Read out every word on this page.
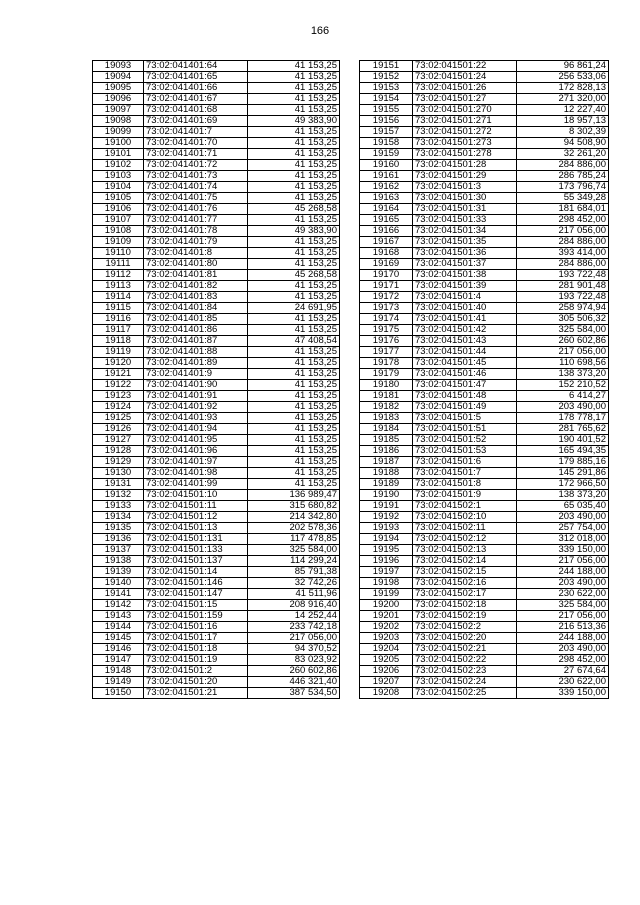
166
19093	73:02:041401:64	41 153,25
19094	73:02:041401:65	41 153,25
19095	73:02:041401:66	41 153,25
19096	73:02:041401:67	41 153,25
19097	73:02:041401:68	41 153,25
19098	73:02:041401:69	49 383,90
19099	73:02:041401:7	41 153,25
19100	73:02:041401:70	41 153,25
19101	73:02:041401:71	41 153,25
19102	73:02:041401:72	41 153,25
19103	73:02:041401:73	41 153,25
19104	73:02:041401:74	41 153,25
19105	73:02:041401:75	41 153,25
19106	73:02:041401:76	45 268,58
19107	73:02:041401:77	41 153,25
19108	73:02:041401:78	49 383,90
19109	73:02:041401:79	41 153,25
19110	73:02:041401:8	41 153,25
19111	73:02:041401:80	41 153,25
19112	73:02:041401:81	45 268,58
19113	73:02:041401:82	41 153,25
19114	73:02:041401:83	41 153,25
19115	73:02:041401:84	24 691,95
19116	73:02:041401:85	41 153,25
19117	73:02:041401:86	41 153,25
19118	73:02:041401:87	47 408,54
19119	73:02:041401:88	41 153,25
19120	73:02:041401:89	41 153,25
19121	73:02:041401:9	41 153,25
19122	73:02:041401:90	41 153,25
19123	73:02:041401:91	41 153,25
19124	73:02:041401:92	41 153,25
19125	73:02:041401:93	41 153,25
19126	73:02:041401:94	41 153,25
19127	73:02:041401:95	41 153,25
19128	73:02:041401:96	41 153,25
19129	73:02:041401:97	41 153,25
19130	73:02:041401:98	41 153,25
19131	73:02:041401:99	41 153,25
19132	73:02:041501:10	136 989,47
19133	73:02:041501:11	315 680,82
19134	73:02:041501:12	214 342,80
19135	73:02:041501:13	202 578,36
19136	73:02:041501:131	117 478,85
19137	73:02:041501:133	325 584,00
19138	73:02:041501:137	114 299,24
19139	73:02:041501:14	85 791,38
19140	73:02:041501:146	32 742,26
19141	73:02:041501:147	41 511,96
19142	73:02:041501:15	208 916,40
19143	73:02:041501:159	14 252,44
19144	73:02:041501:16	233 742,18
19145	73:02:041501:17	217 056,00
19146	73:02:041501:18	94 370,52
19147	73:02:041501:19	83 023,92
19148	73:02:041501:2	260 602,86
19149	73:02:041501:20	446 321,40
19150	73:02:041501:21	387 534,50
19151	73:02:041501:22	96 861,24
19152	73:02:041501:24	256 533,06
19153	73:02:041501:26	172 828,13
19154	73:02:041501:27	271 320,00
19155	73:02:041501:270	12 227,40
19156	73:02:041501:271	18 957,13
19157	73:02:041501:272	8 302,39
19158	73:02:041501:273	94 508,90
19159	73:02:041501:278	32 261,20
19160	73:02:041501:28	284 886,00
19161	73:02:041501:29	286 785,24
19162	73:02:041501:3	173 796,74
19163	73:02:041501:30	55 349,28
19164	73:02:041501:31	181 684,01
19165	73:02:041501:33	298 452,00
19166	73:02:041501:34	217 056,00
19167	73:02:041501:35	284 886,00
19168	73:02:041501:36	393 414,00
19169	73:02:041501:37	284 886,00
19170	73:02:041501:38	193 722,48
19171	73:02:041501:39	281 901,48
19172	73:02:041501:4	193 722,48
19173	73:02:041501:40	258 974,94
19174	73:02:041501:41	305 506,32
19175	73:02:041501:42	325 584,00
19176	73:02:041501:43	260 602,86
19177	73:02:041501:44	217 056,00
19178	73:02:041501:45	110 698,56
19179	73:02:041501:46	138 373,20
19180	73:02:041501:47	152 210,52
19181	73:02:041501:48	6 414,27
19182	73:02:041501:49	203 490,00
19183	73:02:041501:5	178 778,17
19184	73:02:041501:51	281 765,62
19185	73:02:041501:52	190 401,52
19186	73:02:041501:53	165 494,35
19187	73:02:041501:6	179 885,16
19188	73:02:041501:7	145 291,86
19189	73:02:041501:8	172 966,50
19190	73:02:041501:9	138 373,20
19191	73:02:041502:1	65 035,40
19192	73:02:041502:10	203 490,00
19193	73:02:041502:11	257 754,00
19194	73:02:041502:12	312 018,00
19195	73:02:041502:13	339 150,00
19196	73:02:041502:14	217 056,00
19197	73:02:041502:15	244 188,00
19198	73:02:041502:16	203 490,00
19199	73:02:041502:17	230 622,00
19200	73:02:041502:18	325 584,00
19201	73:02:041502:19	217 056,00
19202	73:02:041502:2	216 513,36
19203	73:02:041502:20	244 188,00
19204	73:02:041502:21	203 490,00
19205	73:02:041502:22	298 452,00
19206	73:02:041502:23	27 674,64
19207	73:02:041502:24	230 622,00
19208	73:02:041502:25	339 150,00
